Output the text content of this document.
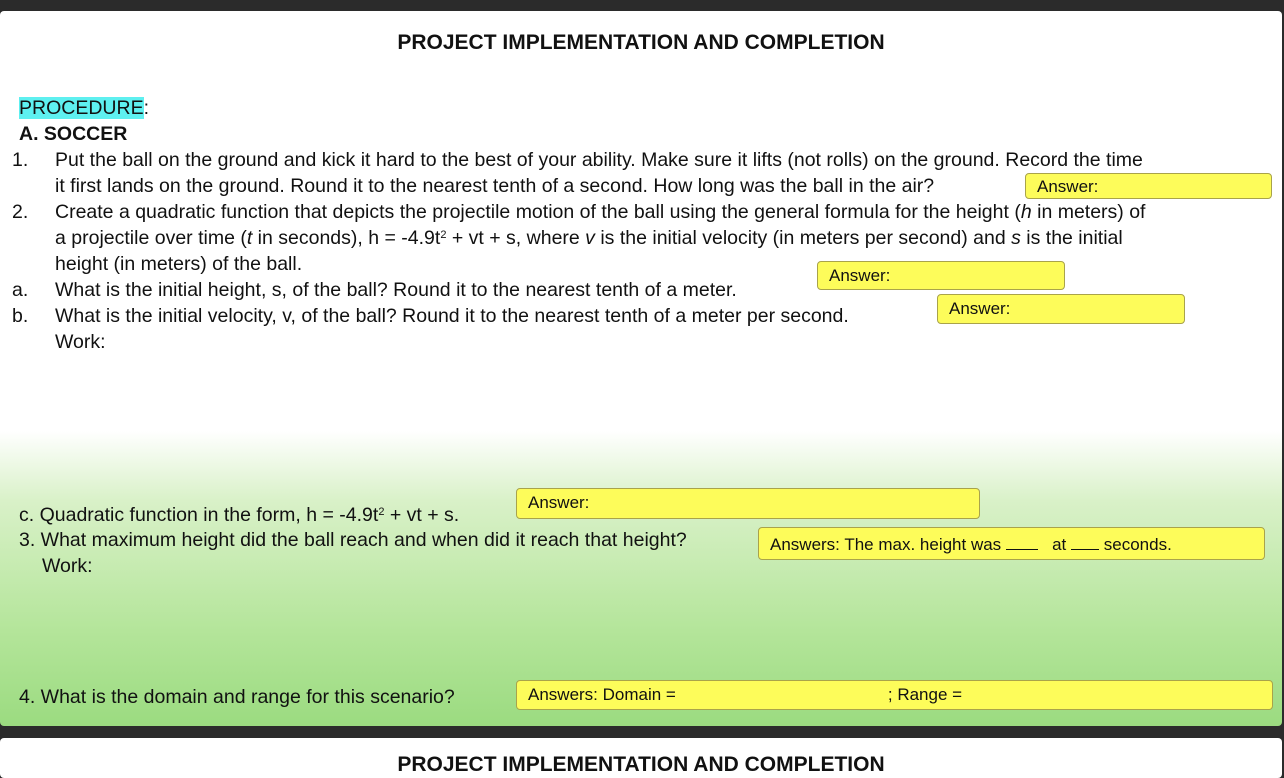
PROJECT IMPLEMENTATION AND COMPLETION
PROCEDURE:
A. SOCCER
1. Put the ball on the ground and kick it hard to the best of your ability. Make sure it lifts (not rolls) on the ground. Record the time
it first lands on the ground. Round it to the nearest tenth of a second. How long was the ball in the air?	Answer:
2. Create a quadratic function that depicts the projectile motion of the ball using the general formula for the height (h in meters) of
a projectile over time (t in seconds), $h = -4.9t^2$ + vt + s, where v is the initial velocity (in meters per second) and s is the initial
height (in meters) of the ball.
a. What is the initial height, s, of the ball? Round it to the nearest tenth of a meter.
Answer:
b. What is the initial velocity, v, of the ball? Round it to the nearest tenth of a meter per second.	Answer:
Work:
c. Quadratic function in the form, $h = -4.9t^2$ + vt + s.
Answer:
3. What maximum height did the ball reach and when did it reach that height?	Answers: The max. height was	at seconds.
Work:
4. What is the domain and range for this scenario?	Answers: Domain =	; Range =
PROJECT IMPLEMENTATION AND COMPLETION
